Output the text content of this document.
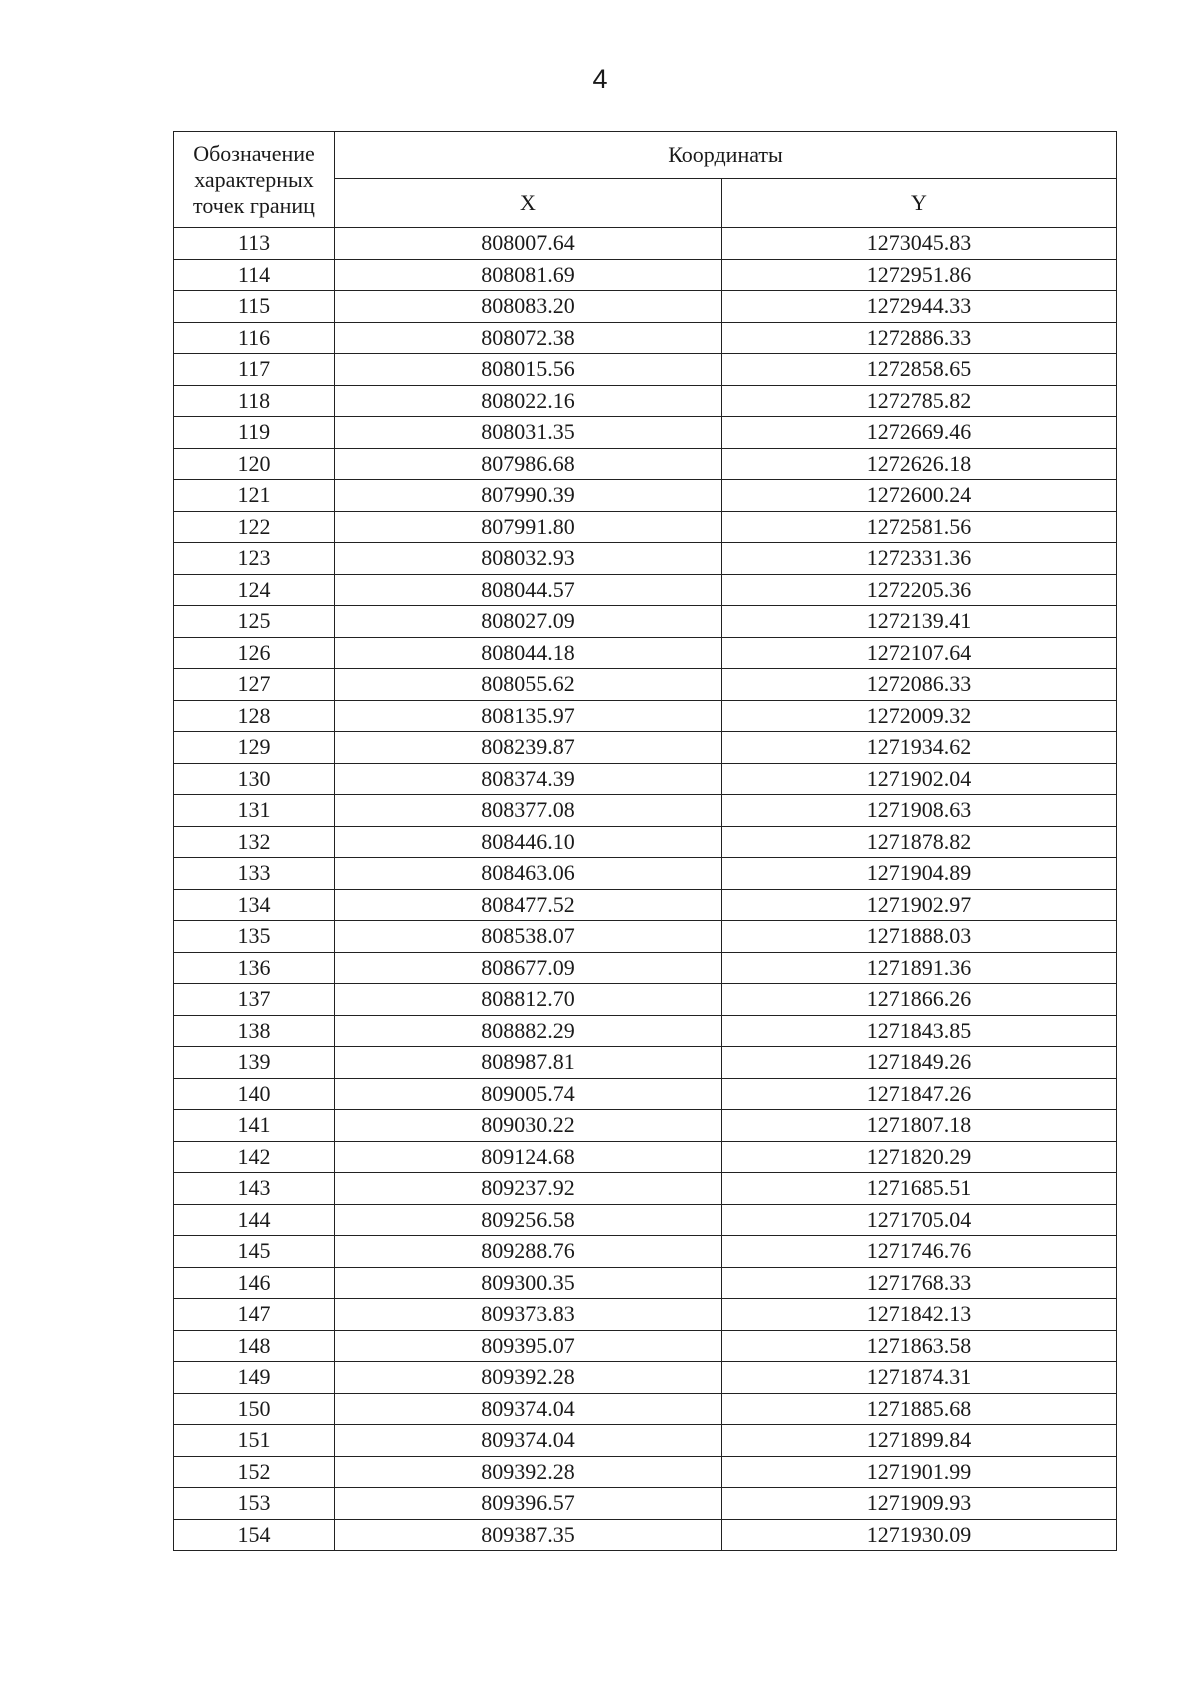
4
Обозначение характерных точек границ	Координаты	
	X	Y
113	808007.64	1273045.83
114	808081.69	1272951.86
115	808083.20	1272944.33
116	808072.38	1272886.33
117	808015.56	1272858.65
118	808022.16	1272785.82
119	808031.35	1272669.46
120	807986.68	1272626.18
121	807990.39	1272600.24
122	807991.80	1272581.56
123	808032.93	1272331.36
124	808044.57	1272205.36
125	808027.09	1272139.41
126	808044.18	1272107.64
127	808055.62	1272086.33
128	808135.97	1272009.32
129	808239.87	1271934.62
130	808374.39	1271902.04
131	808377.08	1271908.63
132	808446.10	1271878.82
133	808463.06	1271904.89
134	808477.52	1271902.97
135	808538.07	1271888.03
136	808677.09	1271891.36
137	808812.70	1271866.26
138	808882.29	1271843.85
139	808987.81	1271849.26
140	809005.74	1271847.26
141	809030.22	1271807.18
142	809124.68	1271820.29
143	809237.92	1271685.51
144	809256.58	1271705.04
145	809288.76	1271746.76
146	809300.35	1271768.33
147	809373.83	1271842.13
148	809395.07	1271863.58
149	809392.28	1271874.31
150	809374.04	1271885.68
151	809374.04	1271899.84
152	809392.28	1271901.99
153	809396.57	1271909.93
154	809387.35	1271930.09
